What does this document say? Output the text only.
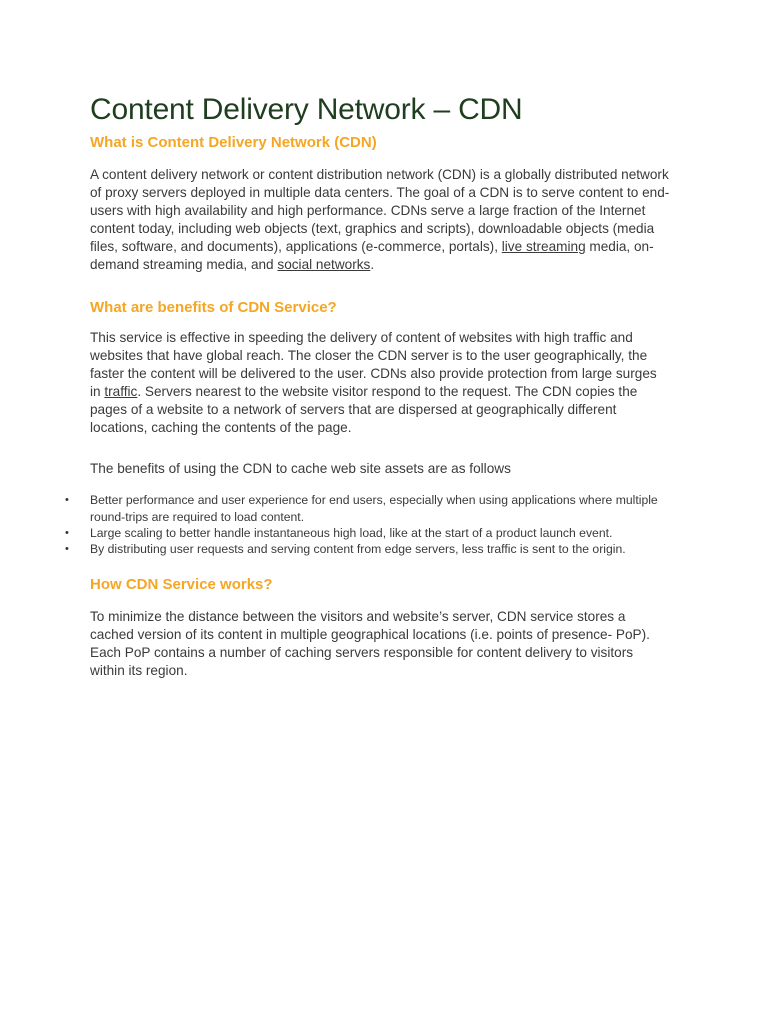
Content Delivery Network – CDN
What is Content Delivery Network (CDN)

A content delivery network or content distribution network (CDN) is a globally distributed network of proxy servers deployed in multiple data centers. The goal of a CDN is to serve content to end-users with high availability and high performance. CDNs serve a large fraction of the Internet content today, including web objects (text, graphics and scripts), downloadable objects (media files, software, and documents), applications (e-commerce, portals), live streaming media, on-demand streaming media, and social networks.

What are benefits of CDN Service?

This service is effective in speeding the delivery of content of websites with high traffic and websites that have global reach. The closer the CDN server is to the user geographically, the faster the content will be delivered to the user. CDNs also provide protection from large surges in traffic. Servers nearest to the website visitor respond to the request. The CDN copies the pages of a website to a network of servers that are dispersed at geographically different locations, caching the contents of the page.

The benefits of using the CDN to cache web site assets are as follows

•	Better performance and user experience for end users, especially when using applications where multiple round-trips are required to load content.
•	Large scaling to better handle instantaneous high load, like at the start of a product launch event.
•	By distributing user requests and serving content from edge servers, less traffic is sent to the origin.
How CDN Service works?

To minimize the distance between the visitors and website’s server, CDN service stores a cached version of its content in multiple geographical locations (i.e. points of presence- PoP). Each PoP contains a number of caching servers responsible for content delivery to visitors within its region.
